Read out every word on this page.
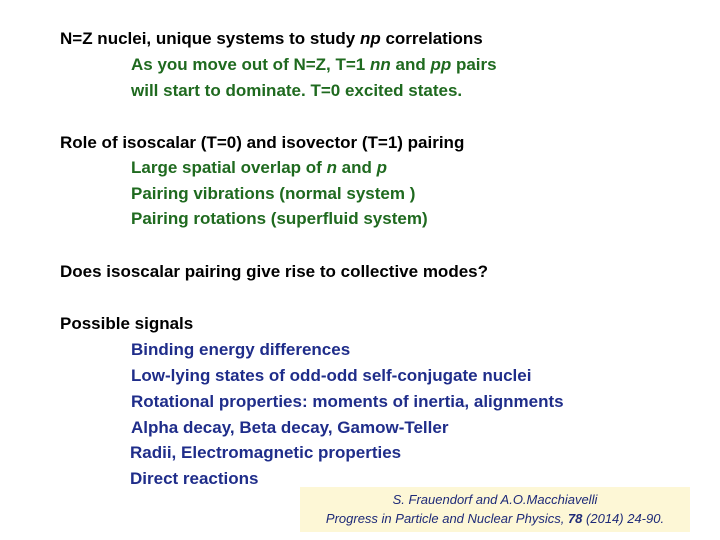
N=Z nuclei, unique systems to study np correlations
As you move out of N=Z, T=1 nn and pp pairs
will start to dominate. T=0 excited states.
Role of isoscalar (T=0) and isovector (T=1) pairing
Large spatial overlap of n and p
Pairing vibrations (normal system )
Pairing rotations (superfluid system)
Does isoscalar pairing give rise to collective modes?
Possible signals
Binding energy differences
Low-lying states of odd-odd self-conjugate nuclei
Rotational properties: moments of inertia, alignments
Alpha decay, Beta decay, Gamow-Teller
Radii, Electromagnetic properties
Direct reactions
S. Frauendorf and A.O.Macchiavelli
Progress in Particle and Nuclear Physics, 78 (2014) 24-90.
